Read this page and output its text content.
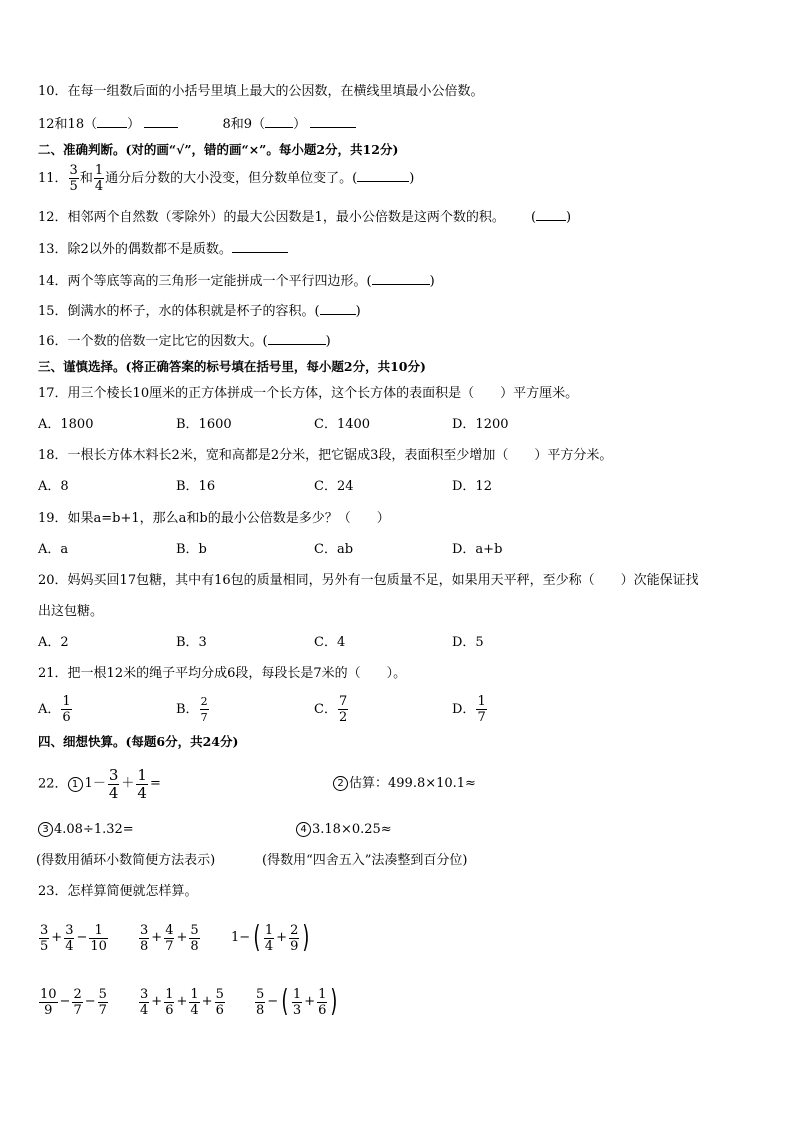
10．在每一组数后面的小括号里填上最大的公因数，在横线里填最小公倍数。
12和18（ ）	8和9（ ）
二、准确判断。(对的画“√”，错的画“×”。每小题2分，共12分)
11． $\frac{3}{5}$ 和 $\frac{1}{4}$ 通分后分数的大小没变，但分数单位变了。(	)
12．相邻两个自然数（零除外）的最大公因数是1，最小公倍数是这两个数的积。 ( )
13．除2以外的偶数都不是质数。
14．两个等底等高的三角形一定能拼成一个平行四边形。(	)
15．倒满水的杯子，水的体积就是杯子的容积。(	)
16．一个数的倍数一定比它的因数大。(	)
三、谨慎选择。(将正确答案的标号填在括号里，每小题2分，共10分)
17．用三个棱长10厘米的正方体拼成一个长方体，这个长方体的表面积是（　　）平方厘米。
A．1800	B．1600	C．1400	D．1200
18．一根长方体木料长2米，宽和高都是2分米，把它锯成3段，表面积至少增加（　　）平方分米。
A．8	B．16	C．24	D．12
19．如果a=b+1，那么a和b的最小公倍数是多少？（　　）
A．a	B．b	C．ab	D．a+b
20．妈妈买回17包糖，其中有16包的质量相同，另外有一包质量不足，如果用天平秤，至少称（　　）次能保证找
出这包糖。
A．2	B．3	C．4	D．5
21．把一根12米的绳子平均分成6段，每段长是7米的（　　）。
A． $\frac{1}{6}$	B． $\frac{2}{7}$	C． $\frac{7}{2}$	D． $\frac{1}{7}$
四、细想快算。(每题6分，共24分)
22． 1 $1- \frac{3}{4} + \frac{1}{4}$ =	2 估算：499.8×10.1≈
3 4.08÷1.32=	4 3.18×0.25≈
(得数用循环小数简便方法表示)	(得数用“四舍五入”法凑整到百分位)
23．怎样算简便就怎样算。
$\frac{3}{5} + \frac{3}{4} - \frac{1}{10} \frac{3}{8} + \frac{4}{7} + \frac{5}{8} 1-$ ( $\frac{1}{4} + \frac{2}{9}$ )
$\frac{10}{9} - \frac{2}{7} - \frac{5}{7} \frac{3}{4} + \frac{1}{6} + \frac{1}{4} + \frac{5}{6} \frac{5}{8}$ − ( $\frac{1}{3} + \frac{1}{6}$ )
